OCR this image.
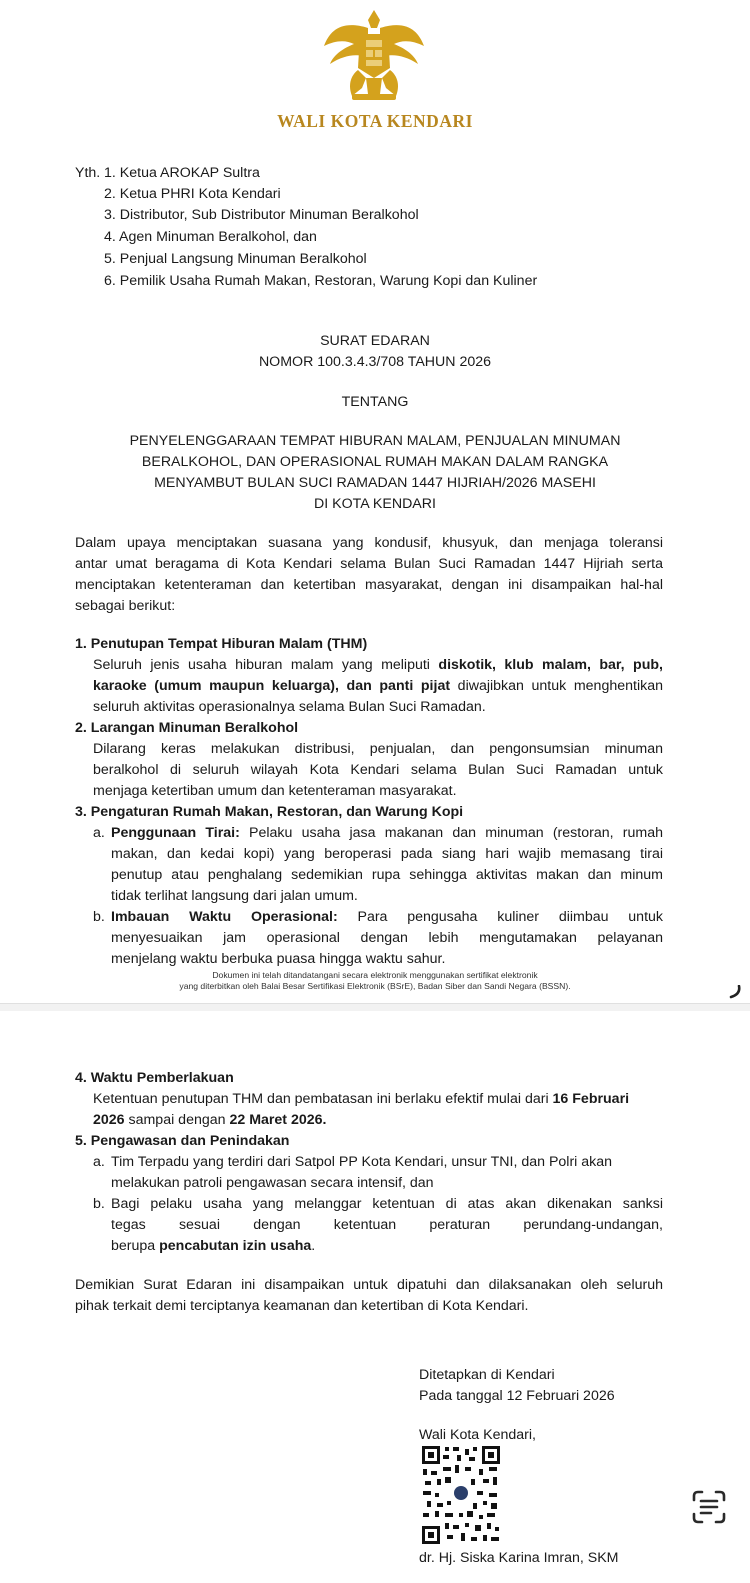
WALI KOTA KENDARI
Yth. 1. Ketua AROKAP Sultra
2. Ketua PHRI Kota Kendari
3. Distributor, Sub Distributor Minuman Beralkohol
4. Agen Minuman Beralkohol, dan
5. Penjual Langsung Minuman Beralkohol
6. Pemilik Usaha Rumah Makan, Restoran, Warung Kopi dan Kuliner
SURAT EDARAN
NOMOR 100.3.4.3/708 TAHUN 2026
TENTANG
PENYELENGGARAAN TEMPAT HIBURAN MALAM, PENJUALAN MINUMAN
BERALKOHOL, DAN OPERASIONAL RUMAH MAKAN DALAM RANGKA
MENYAMBUT BULAN SUCI RAMADAN 1447 HIJRIAH/2026 MASEHI
DI KOTA KENDARI
Dalam upaya menciptakan suasana yang kondusif, khusyuk, dan menjaga toleransi
antar umat beragama di Kota Kendari selama Bulan Suci Ramadan 1447 Hijriah serta
menciptakan ketenteraman dan ketertiban masyarakat, dengan ini disampaikan hal-hal
sebagai berikut:
1. Penutupan Tempat Hiburan Malam (THM)
Seluruh jenis usaha hiburan malam yang meliputi diskotik, klub malam, bar, pub,
karaoke (umum maupun keluarga), dan panti pijat diwajibkan untuk menghentikan
seluruh aktivitas operasionalnya selama Bulan Suci Ramadan.
2. Larangan Minuman Beralkohol
Dilarang keras melakukan distribusi, penjualan, dan pengonsumsian minuman
beralkohol di seluruh wilayah Kota Kendari selama Bulan Suci Ramadan untuk
menjaga ketertiban umum dan ketenteraman masyarakat.
3. Pengaturan Rumah Makan, Restoran, dan Warung Kopi
a. Penggunaan Tirai: Pelaku usaha jasa makanan dan minuman (restoran, rumah
makan, dan kedai kopi) yang beroperasi pada siang hari wajib memasang tirai
penutup atau penghalang sedemikian rupa sehingga aktivitas makan dan minum
tidak terlihat langsung dari jalan umum.
b. Imbauan Waktu Operasional: Para pengusaha kuliner diimbau untuk
menyesuaikan jam operasional dengan lebih mengutamakan pelayanan
menjelang waktu berbuka puasa hingga waktu sahur.
Dokumen ini telah ditandatangani secara elektronik menggunakan sertifikat elektronik
yang diterbitkan oleh Balai Besar Sertifikasi Elektronik (BSrE), Badan Siber dan Sandi Negara (BSSN).
4. Waktu Pemberlakuan
Ketentuan penutupan THM dan pembatasan ini berlaku efektif mulai dari 16 Februari
2026 sampai dengan 22 Maret 2026.
5. Pengawasan dan Penindakan
a. Tim Terpadu yang terdiri dari Satpol PP Kota Kendari, unsur TNI, dan Polri akan
melakukan patroli pengawasan secara intensif, dan
b. Bagi pelaku usaha yang melanggar ketentuan di atas akan dikenakan sanksi
tegas sesuai dengan ketentuan peraturan perundang-undangan,
berupa pencabutan izin usaha.
Demikian Surat Edaran ini disampaikan untuk dipatuhi dan dilaksanakan oleh seluruh
pihak terkait demi terciptanya keamanan dan ketertiban di Kota Kendari.
Ditetapkan di Kendari
Pada tanggal 12 Februari 2026
Wali Kota Kendari,
dr. Hj. Siska Karina Imran, SKM
